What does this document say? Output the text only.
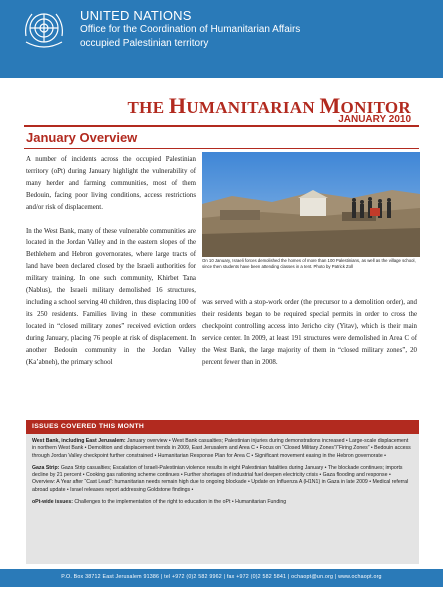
UNITED NATIONS
Office for the Coordination of Humanitarian Affairs
occupied Palestinian territory
THE HUMANITARIAN MONITOR
JANUARY 2010
January Overview

A number of incidents across the occupied Palestinian territory (oPt) during January highlight the vulnerability of many herder and farming communities, most of them Bedouin, facing poor living conditions, access restrictions and/or risk of displacement.

In the West Bank, many of these vulnerable communities are located in the Jordan Valley and in the eastern slopes of the Bethlehem and Hebron governorates, where large tracts of land have been declared closed by the Israeli authorities for military training. In one such community, Khirbet Tana (Nablus), the Israeli military demolished 16 structures, including a school serving 40 children, thus displacing 100 of its 250 residents. Families living in these communities located in “closed military zones” received eviction orders during January, placing 76 people at risk of displacement. In another Bedouin community in the Jordan Valley (Ka’abneh), the primary school

On 10 January, Israeli forces demolished the homes of more than 100 Palestinians, as well as the village school, since then students have been attending classes in a tent. Photo by Patrick Zoll

was served with a stop-work order (the precursor to a demolition order), and their residents began to be required special permits in order to cross the checkpoint controlling access into Jericho city (Yitav), which is their main service center. In 2009, at least 191 structures were demolished in Area C of the West Bank, the large majority of them in “closed military zones”, 20 percent fewer than in 2008.

ISSUES COVERED THIS MONTH
West Bank, including East Jerusalem: January overview • West Bank casualties; Palestinian injuries during demonstrations increased • Large-scale displacement in northern West Bank • Demolition and displacement trends in 2009, East Jerusalem and Area C • Focus on “Closed Military Zones”/“Firing Zones” • Bedouin access through Jordan Valley checkpoint further constrained • Humanitarian Response Plan for Area C • Significant movement easing in the Hebron governorate •
Gaza Strip: Gaza Strip casualties; Escalation of Israeli-Palestinian violence results in eight Palestinian fatalities during January • The blockade continues; imports decline by 21 percent • Cooking gas rationing scheme continues • Further shortages of industrial fuel deepen electricity crisis • Gaza flooding and response • Overview: A Year after “Cast Lead”: humanitarian needs remain high due to ongoing blockade • Update on Influenza A (H1N1) in Gaza in late 2009 • Medical referral abroad update • Israel releases report addressing Goldstone findings •
oPt-wide issues: Challenges to the implementation of the right to education in the oPt • Humanitarian Funding
P.O. Box 38712 East Jerusalem 91386 | tel +972 (0)2 582 9962 | fax +972 (0)2 582 5841 | ochaopt@un.org | www.ochaopt.org
